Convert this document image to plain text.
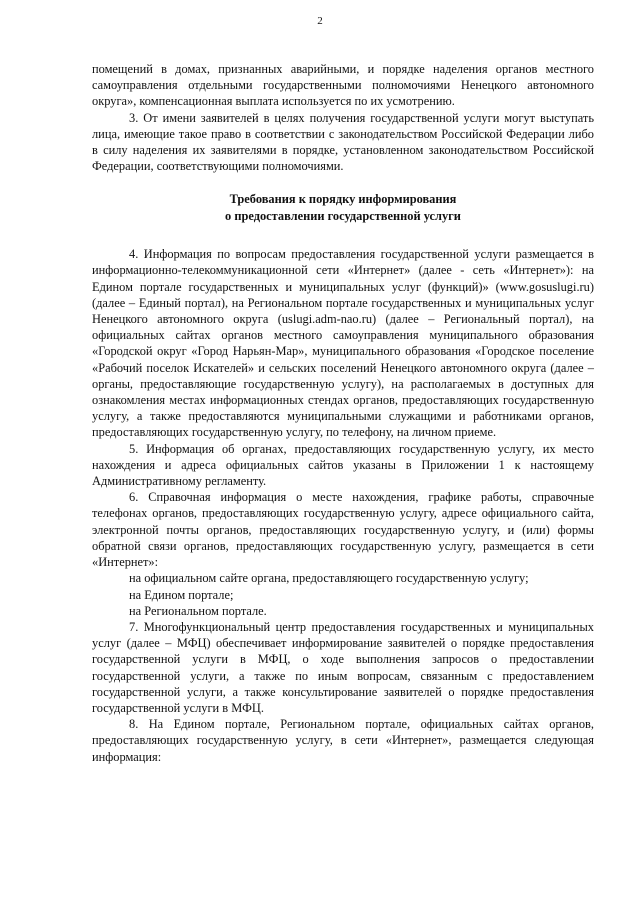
2

помещений в домах, признанных аварийными, и порядке наделения органов местного самоуправления отдельными государственными полномочиями Ненецкого автономного округа», компенсационная выплата используется по их усмотрению.

3. От имени заявителей в целях получения государственной услуги могут выступать лица, имеющие такое право в соответствии с законодательством Российской Федерации либо в силу наделения их заявителями в порядке, установленном законодательством Российской Федерации, соответствующими полномочиями.

Требования к порядку информирования
о предоставлении государственной услуги

4. Информация по вопросам предоставления государственной услуги размещается в информационно-телекоммуникационной сети «Интернет» (далее - сеть «Интернет»): на Едином портале государственных и муниципальных услуг (функций)» (www.gosuslugi.ru) (далее – Единый портал), на Региональном портале государственных и муниципальных услуг Ненецкого автономного округа (uslugi.adm-nao.ru) (далее – Региональный портал), на официальных сайтах органов местного самоуправления муниципального образования «Городской округ «Город Нарьян-Мар», муниципального образования «Городское поселение «Рабочий поселок Искателей» и сельских поселений Ненецкого автономного округа (далее – органы, предоставляющие государственную услугу), на располагаемых в доступных для ознакомления местах информационных стендах органов, предоставляющих государственную услугу, а также предоставляются муниципальными служащими и работниками органов, предоставляющих государственную услугу, по телефону, на личном приеме.

5. Информация об органах, предоставляющих государственную услугу, их место нахождения и адреса официальных сайтов указаны в Приложении 1 к настоящему Административному регламенту.

6. Справочная информация о месте нахождения, графике работы, справочные телефонах органов, предоставляющих государственную услугу, адресе официального сайта, электронной почты органов, предоставляющих государственную услугу, и (или) формы обратной связи органов, предоставляющих государственную услугу, размещается в сети «Интернет»:

на официальном сайте органа, предоставляющего государственную услугу;

на Едином портале;

на Региональном портале.

7. Многофункциональный центр предоставления государственных и муниципальных услуг (далее – МФЦ) обеспечивает информирование заявителей о порядке предоставления государственной услуги в МФЦ, о ходе выполнения запросов о предоставлении государственной услуги, а также по иным вопросам, связанным с предоставлением государственной услуги, а также консультирование заявителей о порядке предоставления государственной услуги в МФЦ.

8. На Едином портале, Региональном портале, официальных сайтах органов, предоставляющих государственную услугу, в сети «Интернет», размещается следующая информация:
